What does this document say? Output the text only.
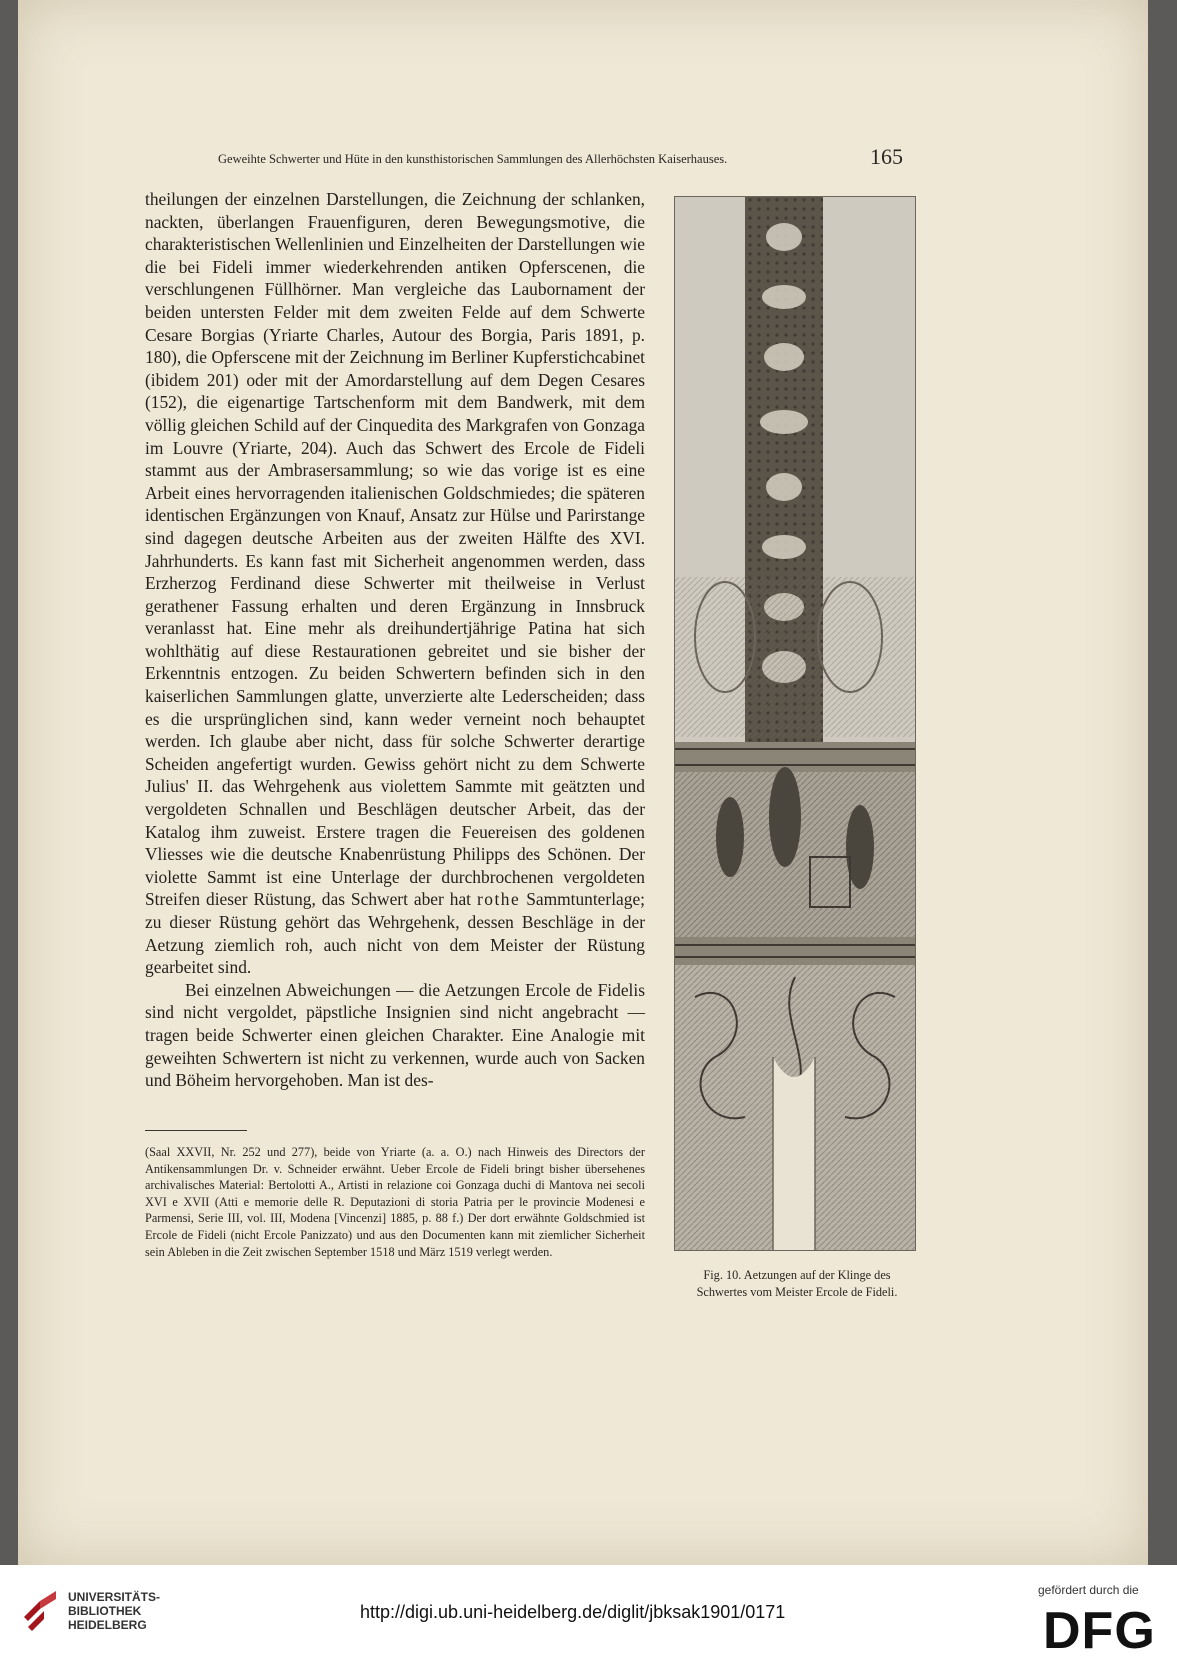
Geweihte Schwerter und Hüte in den kunsthistorischen Sammlungen des Allerhöchsten Kaiserhauses.	165

theilungen der einzelnen Darstellungen, die Zeichnung der schlanken, nackten, überlangen Frauenfiguren, deren Bewegungsmotive, die charakteristischen Wellenlinien und Einzelheiten der Darstellungen wie die bei Fideli immer wiederkehrenden antiken Opferscenen, die verschlungenen Füllhörner. Man vergleiche das Laubornament der beiden untersten Felder mit dem zweiten Felde auf dem Schwerte Cesare Borgias (Yriarte Charles, Autour des Borgia, Paris 1891, p. 180), die Opferscene mit der Zeichnung im Berliner Kupferstichcabinet (ibidem 201) oder mit der Amordarstellung auf dem Degen Cesares (152), die eigenartige Tartschenform mit dem Bandwerk, mit dem völlig gleichen Schild auf der Cinquedita des Markgrafen von Gonzaga im Louvre (Yriarte, 204). Auch das Schwert des Ercole de Fideli stammt aus der Ambrasersammlung; so wie das vorige ist es eine Arbeit eines hervorragenden italienischen Goldschmiedes; die späteren identischen Ergänzungen von Knauf, Ansatz zur Hülse und Parirstange sind dagegen deutsche Arbeiten aus der zweiten Hälfte des XVI. Jahrhunderts. Es kann fast mit Sicherheit angenommen werden, dass Erzherzog Ferdinand diese Schwerter mit theilweise in Verlust gerathener Fassung erhalten und deren Ergänzung in Innsbruck veranlasst hat. Eine mehr als dreihundertjährige Patina hat sich wohlthätig auf diese Restaurationen gebreitet und sie bisher der Erkenntnis entzogen. Zu beiden Schwertern befinden sich in den kaiserlichen Sammlungen glatte, unverzierte alte Lederscheiden; dass es die ursprünglichen sind, kann weder verneint noch behauptet werden. Ich glaube aber nicht, dass für solche Schwerter derartige Scheiden angefertigt wurden. Gewiss gehört nicht zu dem Schwerte Julius' II. das Wehrgehenk aus violettem Sammte mit geätzten und vergoldeten Schnallen und Beschlägen deutscher Arbeit, das der Katalog ihm zuweist. Erstere tragen die Feuereisen des goldenen Vliesses wie die deutsche Knabenrüstung Philipps des Schönen. Der violette Sammt ist eine Unterlage der durchbrochenen vergoldeten Streifen dieser Rüstung, das Schwert aber hat rothe Sammtunterlage; zu dieser Rüstung gehört das Wehrgehenk, dessen Beschläge in der Aetzung ziemlich roh, auch nicht von dem Meister der Rüstung gearbeitet sind.

Bei einzelnen Abweichungen — die Aetzungen Ercole de Fidelis sind nicht vergoldet, päpstliche Insignien sind nicht angebracht — tragen beide Schwerter einen gleichen Charakter. Eine Analogie mit geweihten Schwertern ist nicht zu verkennen, wurde auch von Sacken und Böheim hervorgehoben. Man ist des-

(Saal XXVII, Nr. 252 und 277), beide von Yriarte (a. a. O.) nach Hinweis des Directors der Antikensammlungen Dr. v. Schneider erwähnt. Ueber Ercole de Fideli bringt bisher übersehenes archivalisches Material: Bertolotti A., Artisti in relazione coi Gonzaga duchi di Mantova nei secoli XVI e XVII (Atti e memorie delle R. Deputazioni di storia Patria per le provincie Modenesi e Parmensi, Serie III, vol. III, Modena [Vincenzi] 1885, p. 88 f.) Der dort erwähnte Goldschmied ist Ercole de Fideli (nicht Ercole Panizzato) und aus den Documenten kann mit ziemlicher Sicherheit sein Ableben in die Zeit zwischen September 1518 und März 1519 verlegt werden.

Fig. 10. Aetzungen auf der Klinge des
Schwertes vom Meister Ercole de Fideli.
UNIVERSITÄTS-
BIBLIOTHEK
HEIDELBERG
http://digi.ub.uni-heidelberg.de/diglit/jbksak1901/0171
gefördert durch die
DFG
